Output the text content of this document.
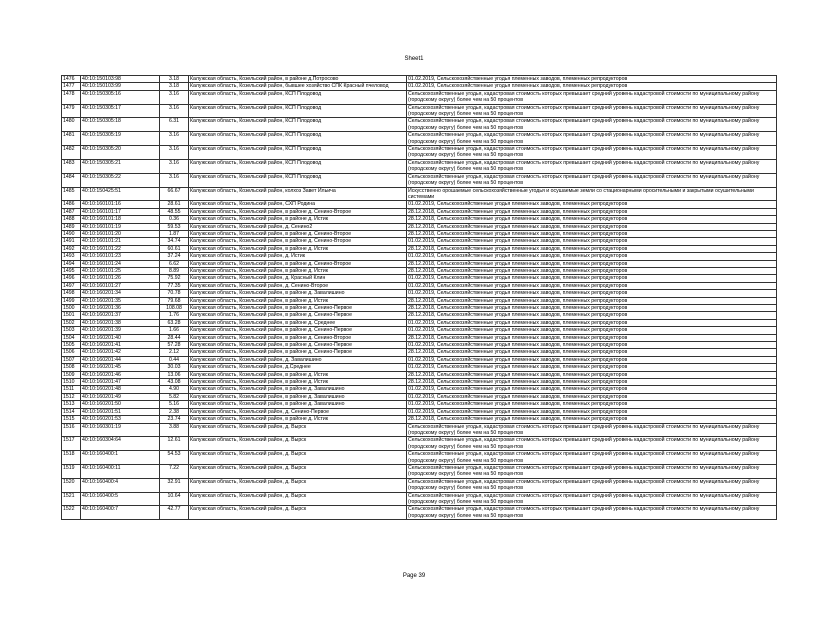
Sheet1
1476	40:10:150103:98	3.18	Калужская область, Козельский район, в районе д.Потросово	01.02.2019, Сельскохозяйственные угодья племенных заводов, племенных репродукторов
1477	40:10:150103:99	3.18	Калужская область, Козельский район, бывшее хозяйство СПК Красный пчеловод	01.02.2019, Сельскохозяйственные угодья племенных заводов, племенных репродукторов
1478	40:10:150305:16	3.16	Калужская область, Козельский район, КСП Плодовод	Сельскохозяйственные угодья, кадастровая стоимость которых превышает средний уровень кадастровой стоимости по муниципальному району (городскому округу) более чем на 50 процентов
1479	40:10:150305:17	3.16	Калужская область, Козельский район, КСП Плодовод	Сельскохозяйственные угодья, кадастровая стоимость которых превышает средний уровень кадастровой стоимости по муниципальному району (городскому округу) более чем на 50 процентов
1480	40:10:150305:18	6.31	Калужская область, Козельский район, КСП Плодовод	Сельскохозяйственные угодья, кадастровая стоимость которых превышает средний уровень кадастровой стоимости по муниципальному району (городскому округу) более чем на 50 процентов
1481	40:10:150305:19	3.16	Калужская область, Козельский район, КСП Плодовод	Сельскохозяйственные угодья, кадастровая стоимость которых превышает средний уровень кадастровой стоимости по муниципальному району (городскому округу) более чем на 50 процентов
1482	40:10:150305:20	3.16	Калужская область, Козельский район, КСП Плодовод	Сельскохозяйственные угодья, кадастровая стоимость которых превышает средний уровень кадастровой стоимости по муниципальному району (городскому округу) более чем на 50 процентов
1483	40:10:150305:21	3.16	Калужская область, Козельский район, КСП Плодовод	Сельскохозяйственные угодья, кадастровая стоимость которых превышает средний уровень кадастровой стоимости по муниципальному району (городскому округу) более чем на 50 процентов
1484	40:10:150305:22	3.16	Калужская область, Козельский район, КСП Плодовод	Сельскохозяйственные угодья, кадастровая стоимость которых превышает средний уровень кадастровой стоимости по муниципальному району (городскому округу) более чем на 50 процентов
1485	40:10:150425:51	66.67	Калужская область, Козельский район, колхоз Завет Ильича	Искусственно орошаемые сельскохозяйственные угодья и осушаемые земли со стационарными оросительными и закрытыми осушительными системами
1486	40:10:160101:16	28.61	Калужская область, Козельский район, СХП Родина	01.02.2019, Сельскохозяйственные угодья племенных заводов, племенных репродукторов
1487	40:10:160101:17	48.55	Калужская область, Козельский район, в районе д. Сенино-Второе	28.12.2018, Сельскохозяйственные угодья племенных заводов, племенных репродукторов
1488	40:10:160101:18	0.36	Калужская область, Козельский район, в районе д. Истик	28.12.2018, Сельскохозяйственные угодья племенных заводов, племенных репродукторов
1489	40:10:160101:19	59.53	Калужская область, Козельский район, д. Сенино2	28.12.2018, Сельскохозяйственные угодья племенных заводов, племенных репродукторов
1490	40:10:160101:20	1.87	Калужская область, Козельский район, в районе д. Сенино-Второе	28.12.2018, Сельскохозяйственные угодья племенных заводов, племенных репродукторов
1491	40:10:160101:21	34.74	Калужская область, Козельский район, в районе д. Сенино-Второе	01.02.2019, Сельскохозяйственные угодья племенных заводов, племенных репродукторов
1492	40:10:160101:22	60.61	Калужская область, Козельский район, в районе д. Истик	28.12.2018, Сельскохозяйственные угодья племенных заводов, племенных репродукторов
1493	40:10:160101:23	37.24	Калужская область, Козельский район, д. Истик	01.02.2019, Сельскохозяйственные угодья племенных заводов, племенных репродукторов
1494	40:10:160101:24	6.62	Калужская область, Козельский район, в районе д. Сенино-Второе	28.12.2018, Сельскохозяйственные угодья племенных заводов, племенных репродукторов
1495	40:10:160101:25	8.89	Калужская область, Козельский район, в районе д. Истик	28.12.2018, Сельскохозяйственные угодья племенных заводов, племенных репродукторов
1496	40:10:160101:26	75.92	Калужская область, Козельский район, д. Красный Клин	01.02.2019, Сельскохозяйственные угодья племенных заводов, племенных репродукторов
1497	40:10:160101:27	77.35	Калужская область, Козельский район, д. Сенино-Второе	01.02.2019, Сельскохозяйственные угодья племенных заводов, племенных репродукторов
1498	40:10:160201:34	70.78	Калужская область, Козельский район, в районе д. Завалишино	01.02.2019, Сельскохозяйственные угодья племенных заводов, племенных репродукторов
1499	40:10:160201:35	79.68	Калужская область, Козельский район, в районе д. Истик	28.12.2018, Сельскохозяйственные угодья племенных заводов, племенных репродукторов
1500	40:10:160201:36	108.08	Калужская область, Козельский район, в районе д. Сенино-Первое	28.12.2018, Сельскохозяйственные угодья племенных заводов, племенных репродукторов
1501	40:10:160201:37	1.76	Калужская область, Козельский район, в районе д. Сенино-Первое	28.12.2018, Сельскохозяйственные угодья племенных заводов, племенных репродукторов
1502	40:10:160201:38	63.28	Калужская область, Козельский район, в районе д. Среднее	01.02.2019, Сельскохозяйственные угодья племенных заводов, племенных репродукторов
1503	40:10:160201:39	1.66	Калужская область, Козельский район, в районе д. Сенино-Первое	01.02.2019, Сельскохозяйственные угодья племенных заводов, племенных репродукторов
1504	40:10:160201:40	28.44	Калужская область, Козельский район, в районе д. Сенино-Второе	28.12.2018, Сельскохозяйственные угодья племенных заводов, племенных репродукторов
1505	40:10:160201:41	57.28	Калужская область, Козельский район, в районе д. Сенино-Первое	01.02.2019, Сельскохозяйственные угодья племенных заводов, племенных репродукторов
1506	40:10:160201:42	2.12	Калужская область, Козельский район, в районе д. Сенино-Первое	28.12.2018, Сельскохозяйственные угодья племенных заводов, племенных репродукторов
1507	40:10:160201:44	0.44	Калужская область, Козельский район, д. Завалишино	01.02.2019, Сельскохозяйственные угодья племенных заводов, племенных репродукторов
1508	40:10:160201:45	30.03	Калужская область, Козельский район, д.Среднее	01.02.2019, Сельскохозяйственные угодья племенных заводов, племенных репродукторов
1509	40:10:160201:46	13.06	Калужская область, Козельский район, в районе д. Истик	28.12.2018, Сельскохозяйственные угодья племенных заводов, племенных репродукторов
1510	40:10:160201:47	43.08	Калужская область, Козельский район, в районе д. Истик	28.12.2018, Сельскохозяйственные угодья племенных заводов, племенных репродукторов
1511	40:10:160201:48	4.90	Калужская область, Козельский район, в районе д. Завалишино	01.02.2019, Сельскохозяйственные угодья племенных заводов, племенных репродукторов
1512	40:10:160201:49	5.82	Калужская область, Козельский район, в районе д. Завалишино	01.02.2019, Сельскохозяйственные угодья племенных заводов, племенных репродукторов
1513	40:10:160201:50	5.16	Калужская область, Козельский район, в районе д. Завалишино	01.02.2019, Сельскохозяйственные угодья племенных заводов, племенных репродукторов
1514	40:10:160201:51	2.38	Калужская область, Козельский район, д. Сенино-Первое	01.02.2019, Сельскохозяйственные угодья племенных заводов, племенных репродукторов
1515	40:10:160201:53	23.74	Калужская область, Козельский район, в районе д. Истик	28.12.2018, Сельскохозяйственные угодья племенных заводов, племенных репродукторов
1516	40:10:160301:19	3.88	Калужская область, Козельский район, д. Вырск	Сельскохозяйственные угодья, кадастровая стоимость которых превышает средний уровень кадастровой стоимости по муниципальному району (городскому округу) более чем на 50 процентов
1517	40:10:160304:64	12.61	Калужская область, Козельский район, д. Вырск	Сельскохозяйственные угодья, кадастровая стоимость которых превышает средний уровень кадастровой стоимости по муниципальному району (городскому округу) более чем на 50 процентов
1518	40:10:160400:1	54.53	Калужская область, Козельский район, д. Вырск	Сельскохозяйственные угодья, кадастровая стоимость которых превышает средний уровень кадастровой стоимости по муниципальному району (городскому округу) более чем на 50 процентов
1519	40:10:160400:11	7.22	Калужская область, Козельский район, д. Вырск	Сельскохозяйственные угодья, кадастровая стоимость которых превышает средний уровень кадастровой стоимости по муниципальному району (городскому округу) более чем на 50 процентов
1520	40:10:160400:4	32.91	Калужская область, Козельский район, д. Вырск	Сельскохозяйственные угодья, кадастровая стоимость которых превышает средний уровень кадастровой стоимости по муниципальному району (городскому округу) более чем на 50 процентов
1521	40:10:160400:5	10.64	Калужская область, Козельский район, д. Вырск	Сельскохозяйственные угодья, кадастровая стоимость которых превышает средний уровень кадастровой стоимости по муниципальному району (городскому округу) более чем на 50 процентов
1522	40:10:160400:7	42.77	Калужская область, Козельский район, д. Вырск	Сельскохозяйственные угодья, кадастровая стоимость которых превышает средний уровень кадастровой стоимости по муниципальному району (городскому округу) более чем на 50 процентов
Page 39
